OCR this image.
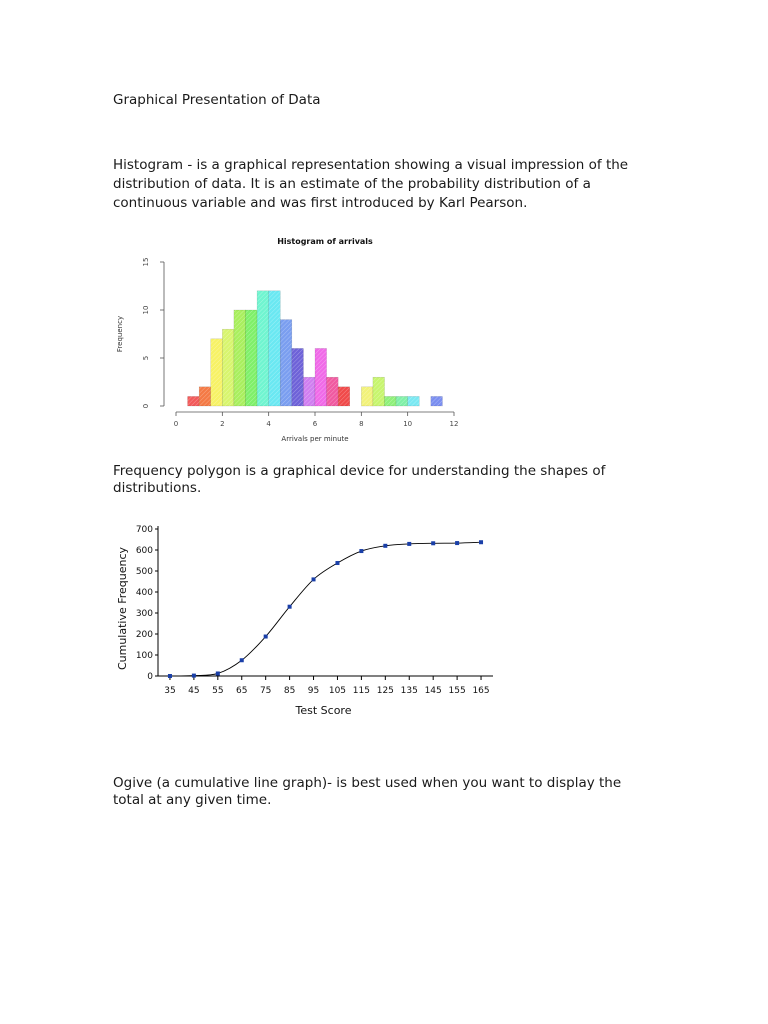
Graphical Presentation of Data
Histogram - is a graphical representation showing a visual impression of the
distribution of data. It is an estimate of the probability distribution of a
continuous variable and was first introduced by Karl Pearson.
Histogram of arrivals
0
5
10
15
Frequency
0	2	4	6	8	10	12
Arrivals per minute
Frequency polygon is a graphical device for understanding the shapes of
distributions.
0
100
200
300
400
500
600
700
35 45 55 65 75 85 95 105 115 125 135 145 155 165
Test Score
Cumulative Frequency
Ogive (a cumulative line graph)- is best used when you want to display the
total at any given time.
